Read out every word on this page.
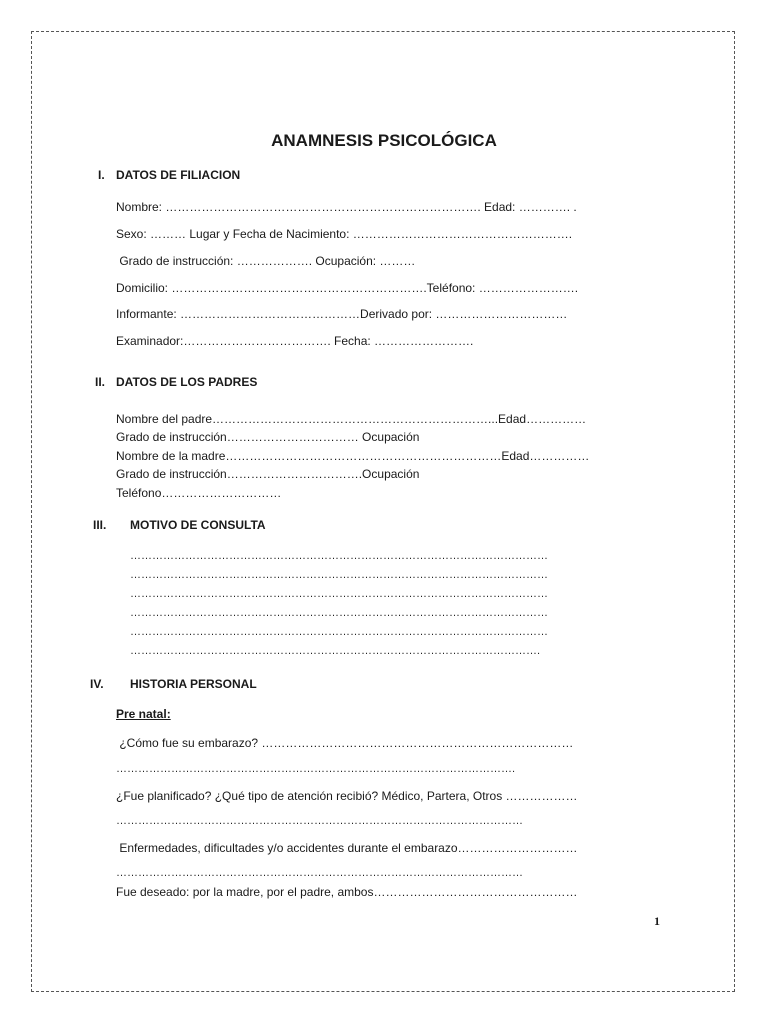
ANAMNESIS PSICOLÓGICA
I. DATOS DE FILIACION
Nombre: ……………………………………………………………………. Edad: …………. .
Sexo: ……… Lugar y Fecha de Nacimiento: ……………………………………………….
Grado de instrucción: ………………. Ocupación: ………
Domicilio: ……………………………………………………….Teléfono: …………………….
Informante: ………………………………………Derivado por: ……………………………
Examinador:………………………………. Fecha: …………………….
II. DATOS DE LOS PADRES
Nombre del padre……………………………………………………………...Edad……………
Grado de instrucción…………………………… Ocupación
Nombre de la madre……………………………………………………………Edad……………
Grado de instrucción…………………………….Ocupación
Teléfono…………………………
III. MOTIVO DE CONSULTA
……………………………………………………………………………………………………
……………………………………………………………………………………………………
……………………………………………………………………………………………………
……………………………………………………………………………………………………
……………………………………………………………………………………………………
………………………………………………………………………………………………….
IV. HISTORIA PERSONAL
Pre natal:
¿Cómo fue su embarazo? ……………………………………………………………………
……………………………………………………………………………………………….
¿Fue planificado? ¿Qué tipo de atención recibió? Médico, Partera, Otros ………………
…………………………………………………………………………………………………
Enfermedades, dificultades y/o accidentes durante el embarazo…………………………
…………………………………………………………………………………………………
Fue deseado: por la madre, por el padre, ambos……………………………………………
1
